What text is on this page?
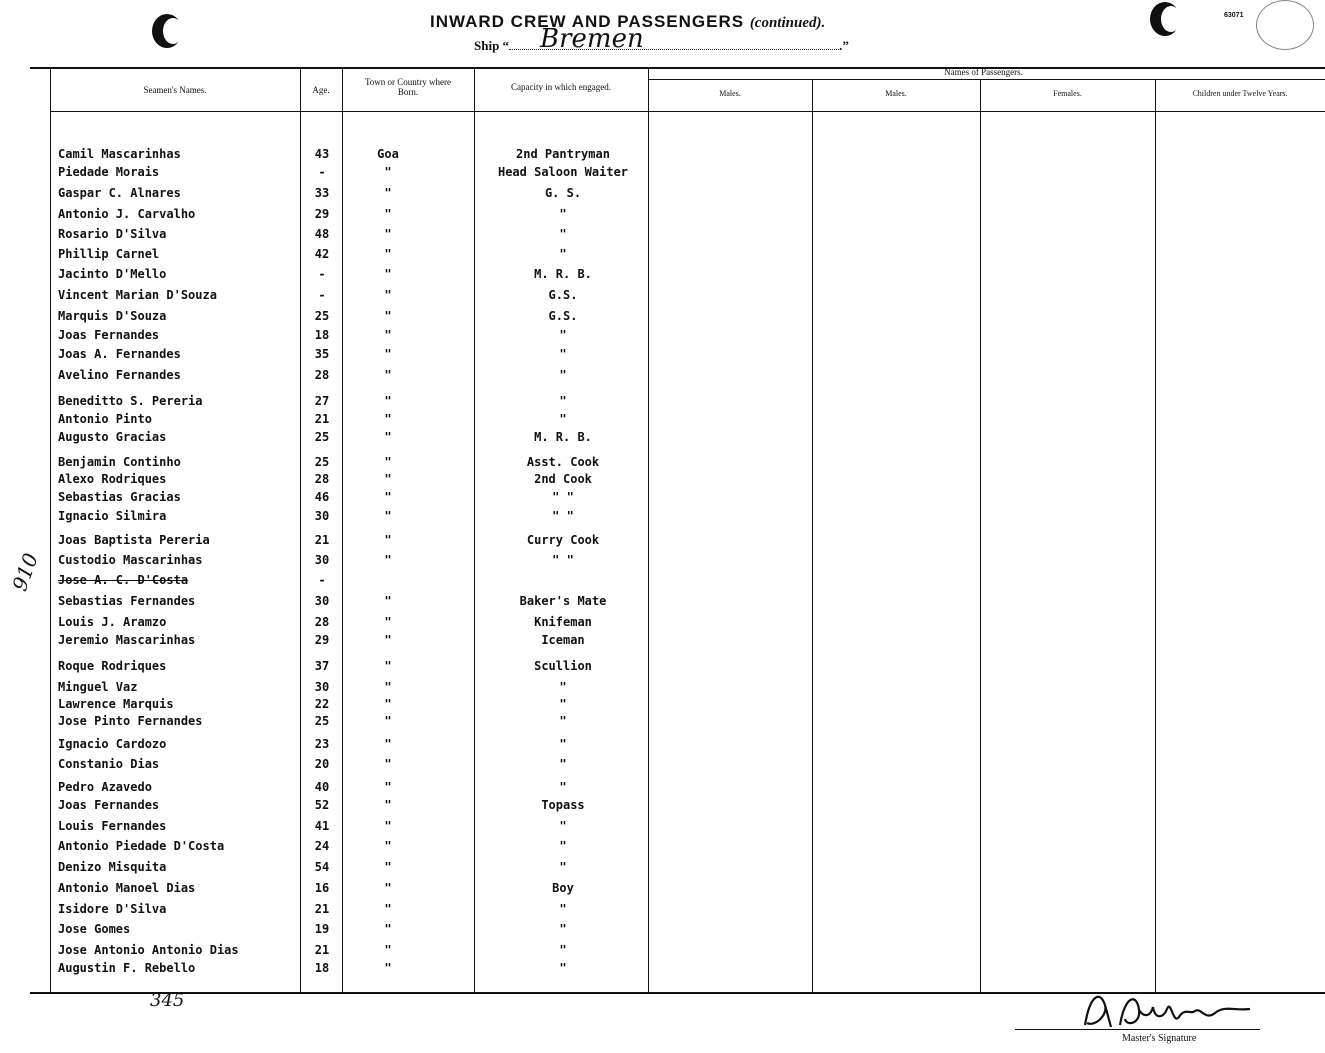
INWARD CREW AND PASSENGERS (continued).
Ship “	.”
Bremen
63071
Seamen's Names.	Age.
Town or Country where Born.	Capacity in which engaged.
Names of Passengers.
Males.	Males.	Females.	Children under Twelve Years.
Camil Mascarinhas	43	Goa	2nd Pantryman
Piedade Morais	-	"	Head Saloon Waiter
Gaspar C. Alnares	33	"	G. S.
Antonio J. Carvalho	29	"	"
Rosario D'Silva	48	"	"
Phillip Carnel	42	"	"
Jacinto D'Mello	-	"	M. R. B.
Vincent Marian D'Souza	-	"	G.S.
Marquis D'Souza	25	"	G.S.
Joas Fernandes	18	"	"
Joas A. Fernandes	35	"	"
Avelino Fernandes	28	"	"
Beneditto S. Pereria	27	"	"
Antonio Pinto	21	"	"
Augusto Gracias	25	"	M. R. B.
Benjamin Continho	25	"	Asst. Cook
Alexo Rodriques	28	"	2nd Cook
Sebastias Gracias	46	"	" "
Ignacio Silmira	30	"	" "
Joas Baptista Pereria	21	"	Curry Cook
Custodio Mascarinhas	30	"	" "
Jose A. C. D'Costa	-
Sebastias Fernandes	30	"	Baker's Mate
Louis J. Aramzo	28	"	Knifeman
Jeremio Mascarinhas	29	"	Iceman
Roque Rodriques	37	"	Scullion
Minguel Vaz	30	"	"
Lawrence Marquis	22	"	"
Jose Pinto Fernandes	25	"	"
Ignacio Cardozo	23	"	"
Constanio Dias	20	"	"
Pedro Azavedo	40	"	"
Joas Fernandes	52	"	Topass
Louis Fernandes	41	"	"
Antonio Piedade D'Costa	24	"	"
Denizo Misquita	54	"	"
Antonio Manoel Dias	16	"	Boy
Isidore D'Silva	21	"	"
Jose Gomes	19	"	"
Jose Antonio Antonio Dias	21	"	"
Augustin F. Rebello	18	"	"
345
910
Master's Signature
